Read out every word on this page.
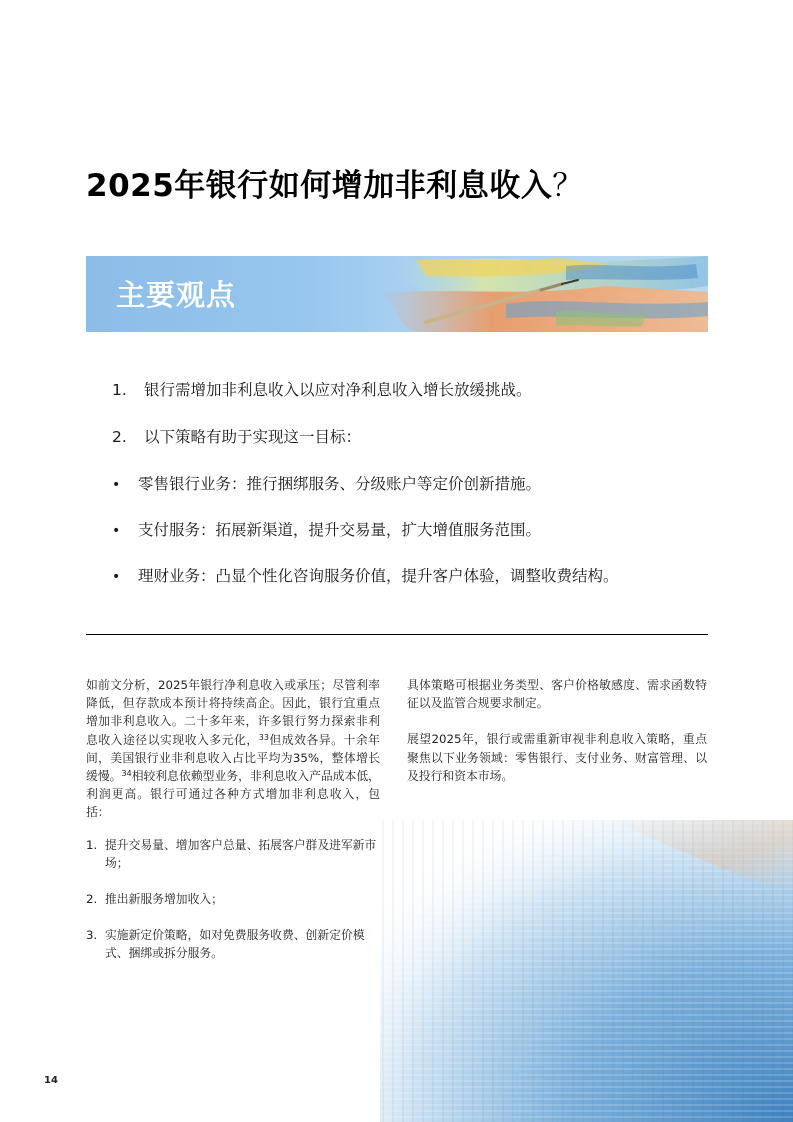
2025年银行如何增加非利息收入？
主要观点
1. 银行需增加非利息收入以应对净利息收入增长放缓挑战。
2. 以下策略有助于实现这一目标：
• 零售银行业务：推行捆绑服务、分级账户等定价创新措施。
• 支付服务：拓展新渠道，提升交易量，扩大增值服务范围。
• 理财业务：凸显个性化咨询服务价值，提升客户体验，调整收费结构。

如前文分析，2025年银行净利息收入或承压；尽管利率降低，但存款成本预计将持续高企。因此，银行宜重点增加非利息收入。二十多年来，许多银行努力探索非利息收入途径以实现收入多元化，$^{33}$但成效各异。十余年间，美国银行业非利息收入占比平均为35%，整体增长缓慢。$^{34}$相较利息依赖型业务，非利息收入产品成本低，利润更高。银行可通过各种方式增加非利息收入，包括：

1. 提升交易量、增加客户总量、拓展客户群及进军新市场；
2. 推出新服务增加收入；
3. 实施新定价策略，如对免费服务收费、创新定价模式、捆绑或拆分服务。

具体策略可根据业务类型、客户价格敏感度、需求函数特征以及监管合规要求制定。

展望2025年，银行或需重新审视非利息收入策略，重点聚焦以下业务领域：零售银行、支付业务、财富管理、以及投行和资本市场。

14
